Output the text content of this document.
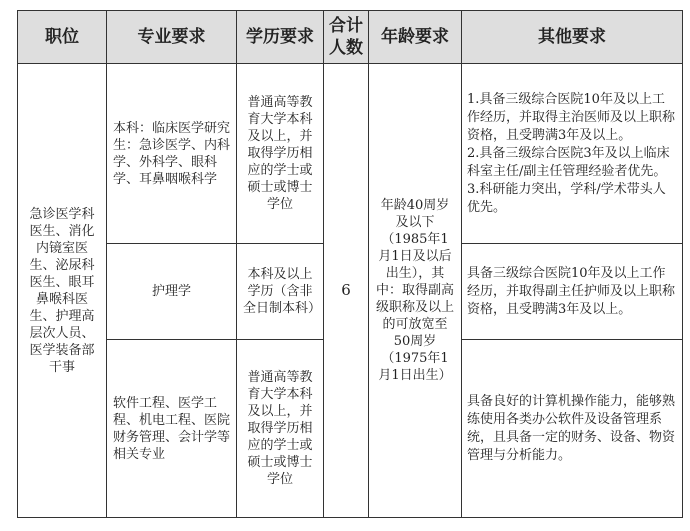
职位	专业要求	学历要求	合计人数	年龄要求	其他要求
急诊医学科医生、消化内镜室医生、泌尿科医生、眼耳鼻喉科医生、护理高层次人员、医学装备部干事	本科：临床医学研究生：急诊医学、内科学、外科学、眼科学、耳鼻咽喉科学	普通高等教育大学本科及以上，并取得学历相应的学士或硕士或博士学位	6	年龄40周岁及以下（1985年1月1日及以后出生），其中：取得副高级职称及以上的可放宽至50周岁（1975年1月1日出生）	1.具备三级综合医院10年及以上工作经历，并取得主治医师及以上职称资格，且受聘满3年及以上。
2.具备三级综合医院3年及以上临床科室主任/副主任管理经验者优先。
3.科研能力突出，学科/学术带头人优先。

	护理学	本科及以上学历（含非全日制本科）			具备三级综合医院10年及以上工作经历，并取得副主任护师及以上职称资格，且受聘满3年及以上。

	软件工程、医学工程、机电工程、医院财务管理、会计学等相关专业	普通高等教育大学本科及以上，并取得学历相应的学士或硕士或博士学位			具备良好的计算机操作能力，能够熟练使用各类办公软件及设备管理系统，且具备一定的财务、设备、物资管理与分析能力。
